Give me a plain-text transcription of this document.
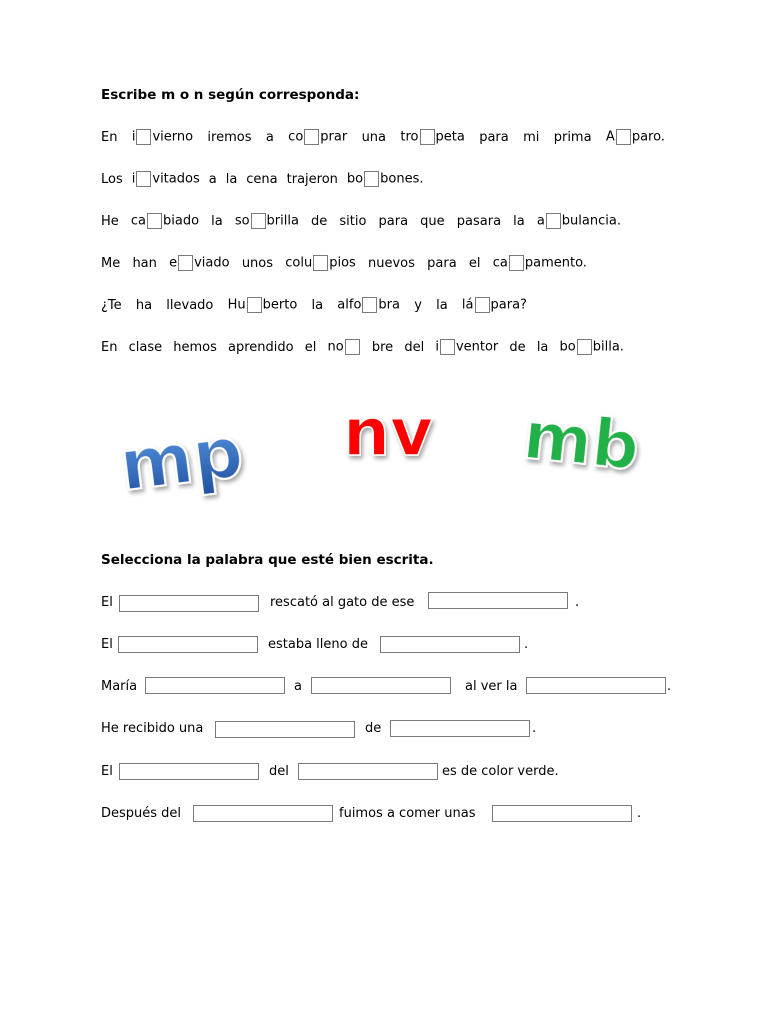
Escribe m o n según corresponda:
En i vierno iremos a co prar una tro peta para mi prima A paro.
Los i vitados a la cena trajeron bo bones.
He ca biado la so brilla de sitio para que pasara la a bulancia.
Me han e viado unos colu pios nuevos para el ca pamento.
¿Te ha llevado Hu berto la alfo bra y la lá para?
En clase hemos aprendido el no	bre del i ventor de la bo billa.
mp nv mb
Selecciona la palabra que esté bien escrita.
El	rescató al gato de ese	.
El	estaba lleno de	.
María	a	al ver la	.
He recibido una	de	.
El	del	es de color verde.
Después del	fuimos a comer unas	.
